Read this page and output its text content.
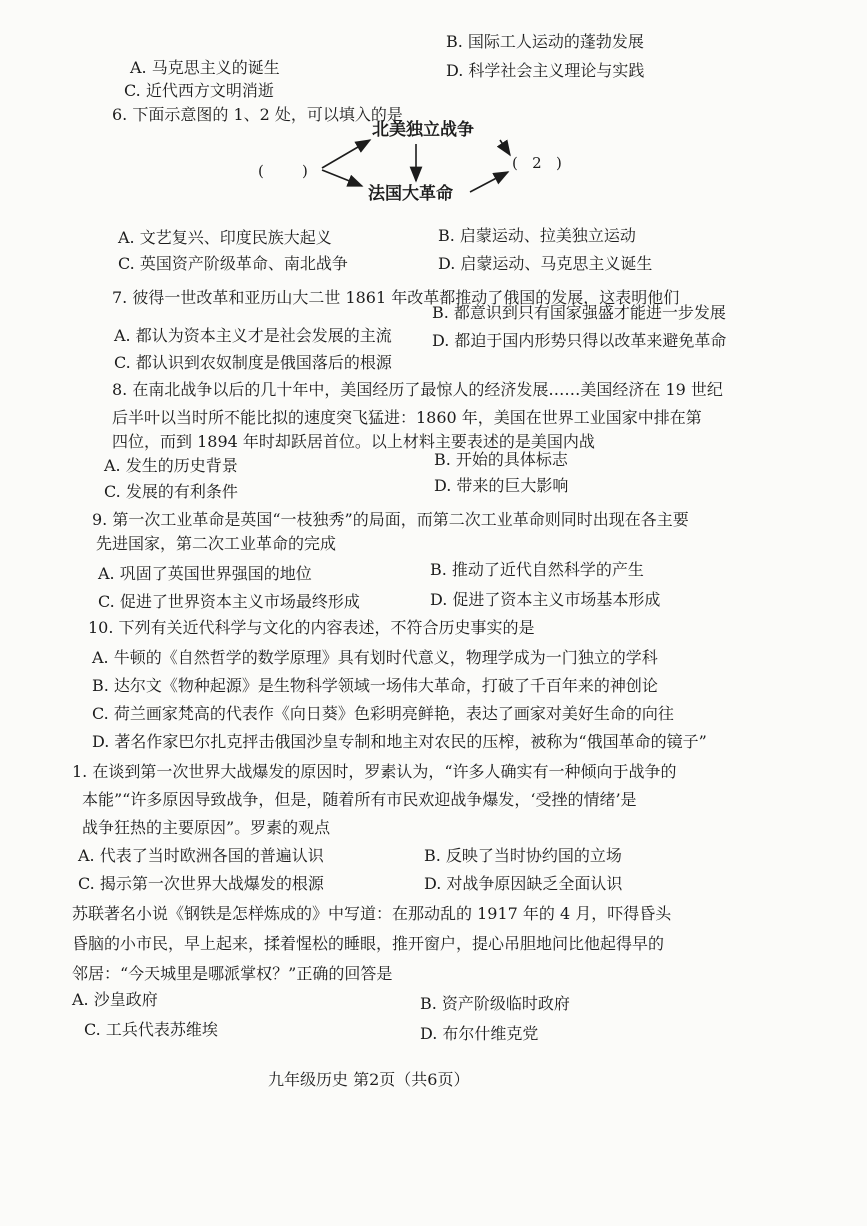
B. 国际工人运动的蓬勃发展
A. 马克思主义的诞生	D. 科学社会主义理论与实践
C. 近代西方文明消逝
6. 下面示意图的 1、2 处，可以填入的是
北美独立战争
法国大革命
(        )	(   2   )
A. 文艺复兴、印度民族大起义	B. 启蒙运动、拉美独立运动
C. 英国资产阶级革命、南北战争	D. 启蒙运动、马克思主义诞生
7. 彼得一世改革和亚历山大二世 1861 年改革都推动了俄国的发展，这表明他们
A. 都认为资本主义才是社会发展的主流
B. 都意识到只有国家强盛才能进一步发展
C. 都认识到农奴制度是俄国落后的根源
D. 都迫于国内形势只得以改革来避免革命
8. 在南北战争以后的几十年中，美国经历了最惊人的经济发展……美国经济在 19 世纪
后半叶以当时所不能比拟的速度突飞猛进：1860 年，美国在世界工业国家中排在第
四位，而到 1894 年时却跃居首位。以上材料主要表述的是美国内战
A. 发生的历史背景	B. 开始的具体标志
C. 发展的有利条件	D. 带来的巨大影响
9. 第一次工业革命是英国“一枝独秀”的局面，而第二次工业革命则同时出现在各主要
先进国家，第二次工业革命的完成
A. 巩固了英国世界强国的地位	B. 推动了近代自然科学的产生
C. 促进了世界资本主义市场最终形成	D. 促进了资本主义市场基本形成
10. 下列有关近代科学与文化的内容表述，不符合历史事实的是
A. 牛顿的《自然哲学的数学原理》具有划时代意义，物理学成为一门独立的学科
B. 达尔文《物种起源》是生物科学领域一场伟大革命，打破了千百年来的神创论
C. 荷兰画家梵高的代表作《向日葵》色彩明亮鲜艳，表达了画家对美好生命的向往
D. 著名作家巴尔扎克抨击俄国沙皇专制和地主对农民的压榨，被称为“俄国革命的镜子”
1. 在谈到第一次世界大战爆发的原因时，罗素认为，“许多人确实有一种倾向于战争的
本能”“许多原因导致战争，但是，随着所有市民欢迎战争爆发，‘受挫的情绪’是
战争狂热的主要原因”。罗素的观点
A. 代表了当时欧洲各国的普遍认识	B. 反映了当时协约国的立场
C. 揭示第一次世界大战爆发的根源	D. 对战争原因缺乏全面认识
苏联著名小说《钢铁是怎样炼成的》中写道：在那动乱的 1917 年的 4 月，吓得昏头
昏脑的小市民，早上起来，揉着惺松的睡眼，推开窗户，提心吊胆地问比他起得早的
邻居：“今天城里是哪派掌权？”正确的回答是
A. 沙皇政府	B. 资产阶级临时政府
C. 工兵代表苏维埃	D. 布尔什维克党
九年级历史 第2页（共6页）
